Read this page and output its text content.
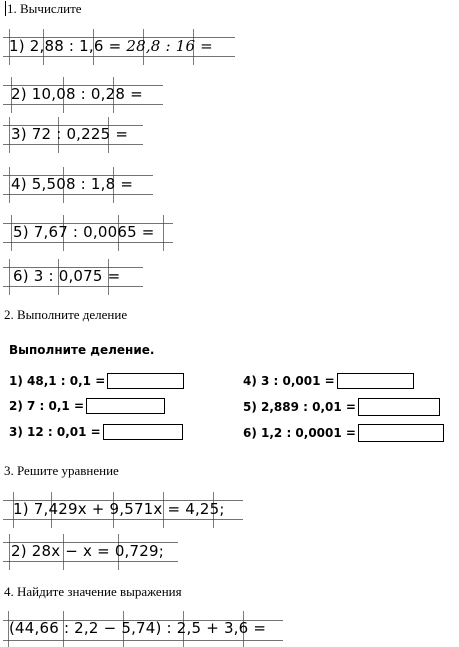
1. Вычислите
1) 2,88 : 1,6 = 28,8 : 16 =
2) 10,08 : 0,28 =
3) 72 : 0,225 =
4) 5,508 : 1,8 =
5) 7,67 : 0,0065 =
6) 3 : 0,075 =
2. Выполните деление
Выполните деление.
1) 48,1 : 0,1 =
2) 7 : 0,1 =
3) 12 : 0,01 =
4) 3 : 0,001 =
5) 2,889 : 0,01 =
6) 1,2 : 0,0001 =
3. Решите уравнение
1) 7,429x + 9,571x = 4,25;
2) 28x − x = 0,729;
4. Найдите значение выражения
(44,66 : 2,2 − 5,74) : 2,5 + 3,6 =
